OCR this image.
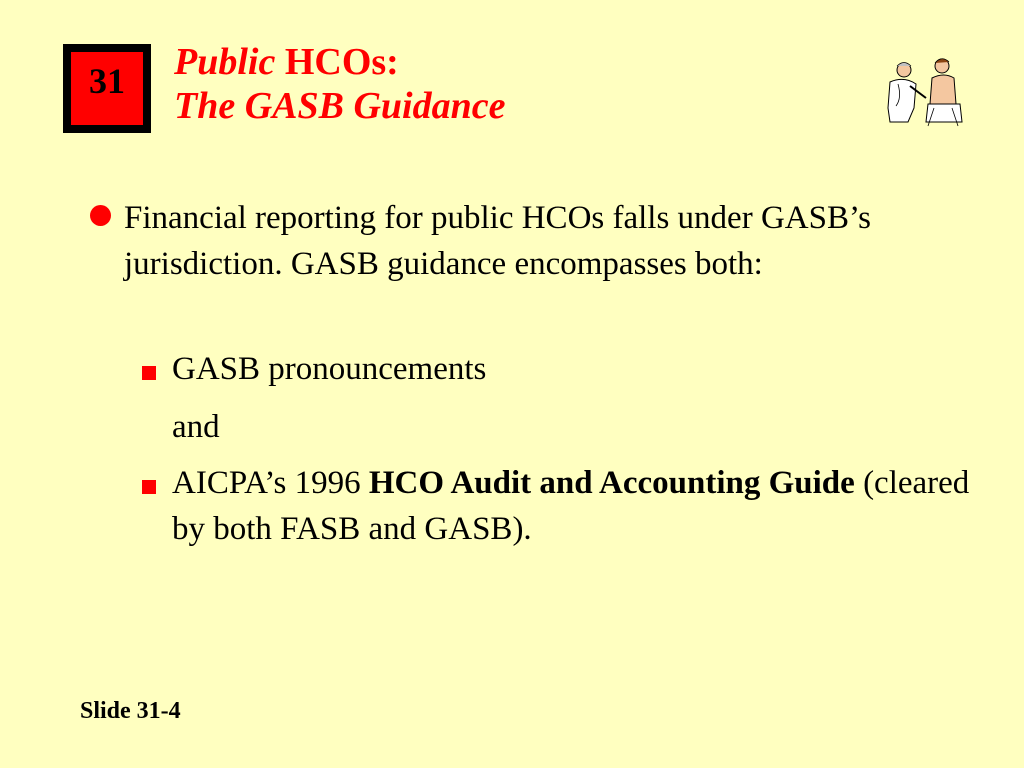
31 Public HCOs:
The GASB Guidance
Financial reporting for public HCOs falls under GASB’s jurisdiction. GASB guidance encompasses both:
GASB pronouncements
and
AICPA’s 1996 HCO Audit and Accounting Guide (cleared by both FASB and GASB).
Slide 31-4
